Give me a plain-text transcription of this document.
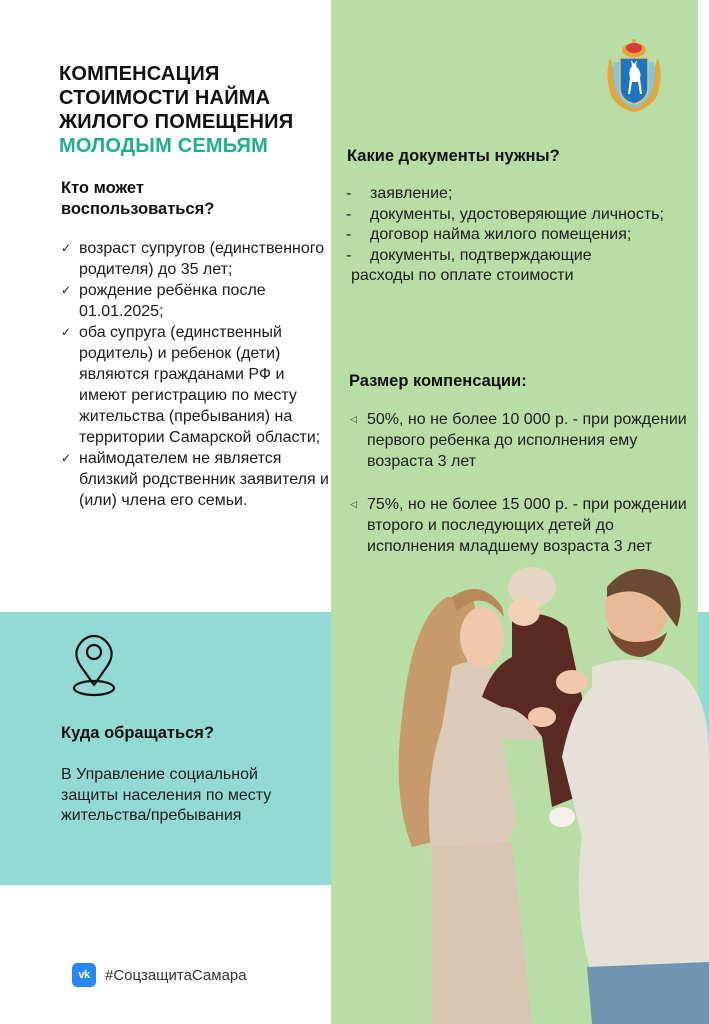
КОМПЕНСАЦИЯ
СТОИМОСТИ НАЙМА
ЖИЛОГО ПОМЕЩЕНИЯ
МОЛОДЫМ СЕМЬЯМ
Кто может воспользоваться?
✓ возраст супругов (единственного родителя) до 35 лет;
✓ рождение ребёнка после 01.01.2025;
✓ оба супруга (единственный родитель) и ребенок (дети) являются гражданами РФ и имеют регистрацию по месту жительства (пребывания) на территории Самарской области;
✓ наймодателем не является близкий родственник заявителя и (или) члена его семьи.
Какие документы нужны?
- заявление;
- документы, удостоверяющие личность;
- договор найма жилого помещения;
- документы, подтверждающие
расходы по оплате стоимости
Размер компенсации:
◁ 50%, но не более 10 000 р. - при рождении первого ребенка до исполнения ему возраста 3 лет
◁ 75%, но не более 15 000 р. - при рождении второго и последующих детей до исполнения младшему возраста 3 лет
Куда обращаться?
В Управление социальной защиты населения по месту жительства/пребывания
vk	#СоцзащитаСамара
